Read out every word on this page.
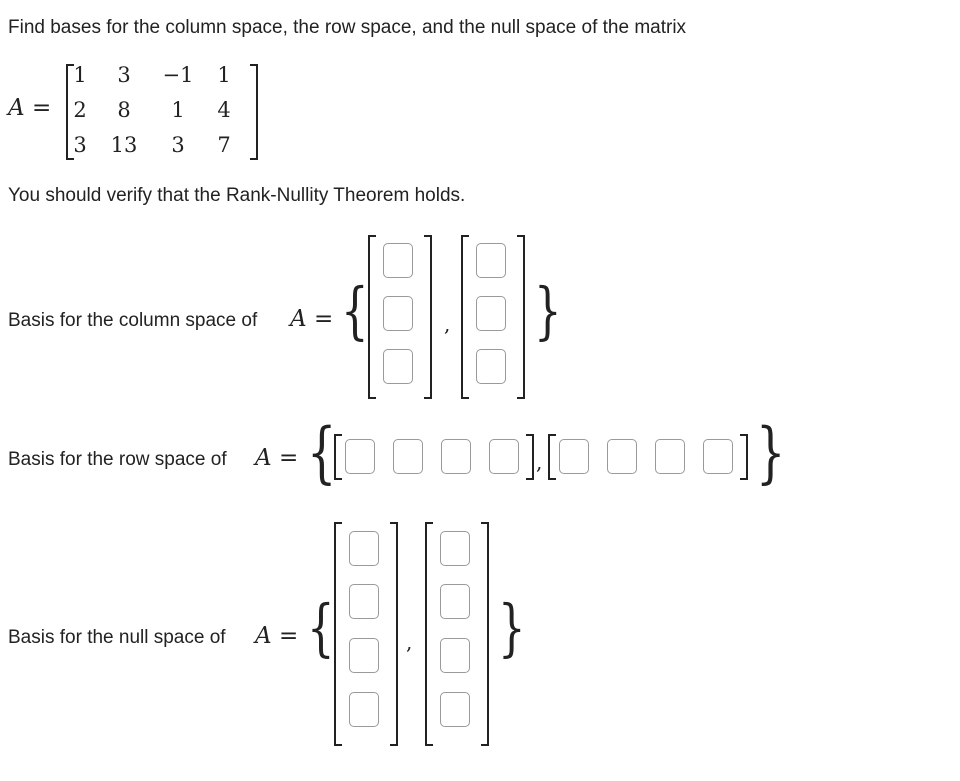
Find bases for the column space, the row space, and the null space of the matrix
A =
1	3	−1	1
2	8	1	4
3	13	3	7
You should verify that the Rank-Nullity Theorem holds.
Basis for the column space of A = {	, }
Basis for the row space of A = {	,	}
Basis for the null space of A = {	, }
